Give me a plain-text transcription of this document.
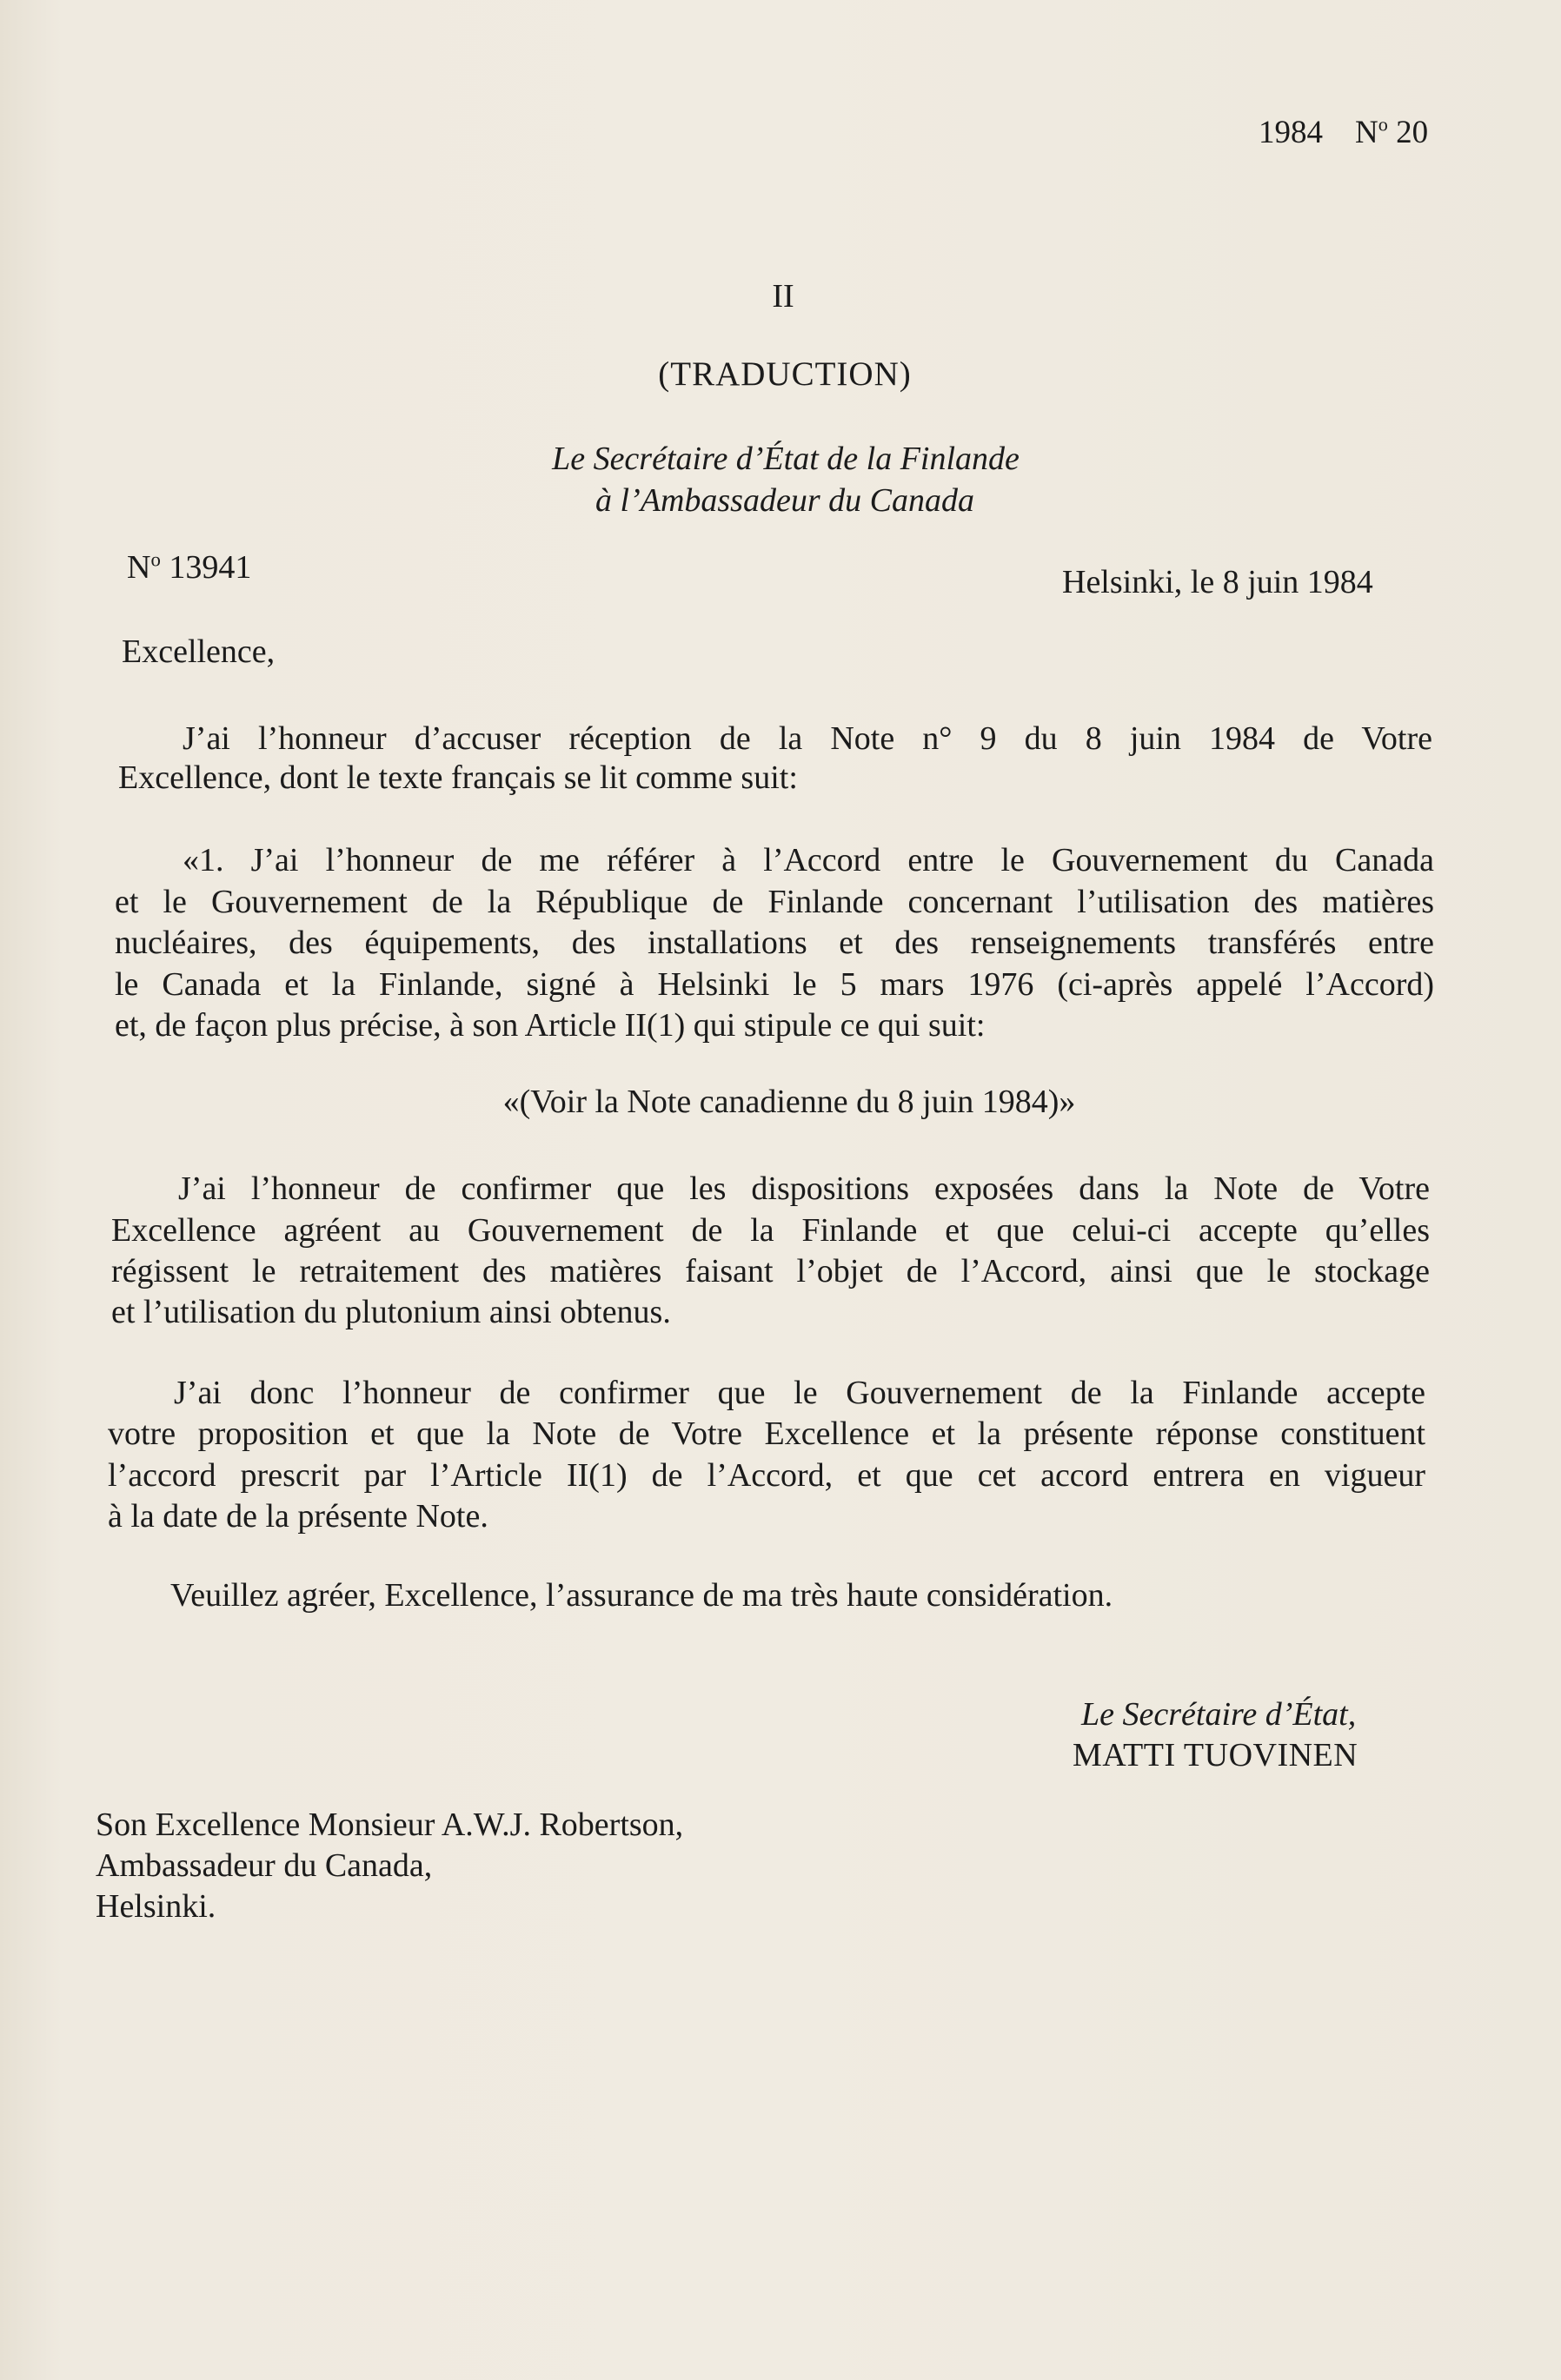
1984 $N^o$ 20
II
(TRADUCTION)
Le Secrétaire d’État de la Finlande
à l’Ambassadeur du Canada
$N^o$ 13941	Helsinki, le 8 juin 1984
Excellence,
J’ai l’honneur d’accuser réception de la Note n° 9 du 8 juin 1984 de Votre
Excellence, dont le texte français se lit comme suit:
«1. J’ai l’honneur de me référer à l’Accord entre le Gouvernement du Canada
et le Gouvernement de la République de Finlande concernant l’utilisation des matières
nucléaires, des équipements, des installations et des renseignements transférés entre
le Canada et la Finlande, signé à Helsinki le 5 mars 1976 (ci-après appelé l’Accord)
et, de façon plus précise, à son Article II(1) qui stipule ce qui suit:
«(Voir la Note canadienne du 8 juin 1984)»
J’ai l’honneur de confirmer que les dispositions exposées dans la Note de Votre
Excellence agréent au Gouvernement de la Finlande et que celui-ci accepte qu’elles
régissent le retraitement des matières faisant l’objet de l’Accord, ainsi que le stockage
et l’utilisation du plutonium ainsi obtenus.
J’ai donc l’honneur de confirmer que le Gouvernement de la Finlande accepte
votre proposition et que la Note de Votre Excellence et la présente réponse constituent
l’accord prescrit par l’Article II(1) de l’Accord, et que cet accord entrera en vigueur
à la date de la présente Note.
Veuillez agréer, Excellence, l’assurance de ma très haute considération.
Le Secrétaire d’État,
MATTI TUOVINEN
Son Excellence Monsieur A.W.J. Robertson,
Ambassadeur du Canada,
Helsinki.
